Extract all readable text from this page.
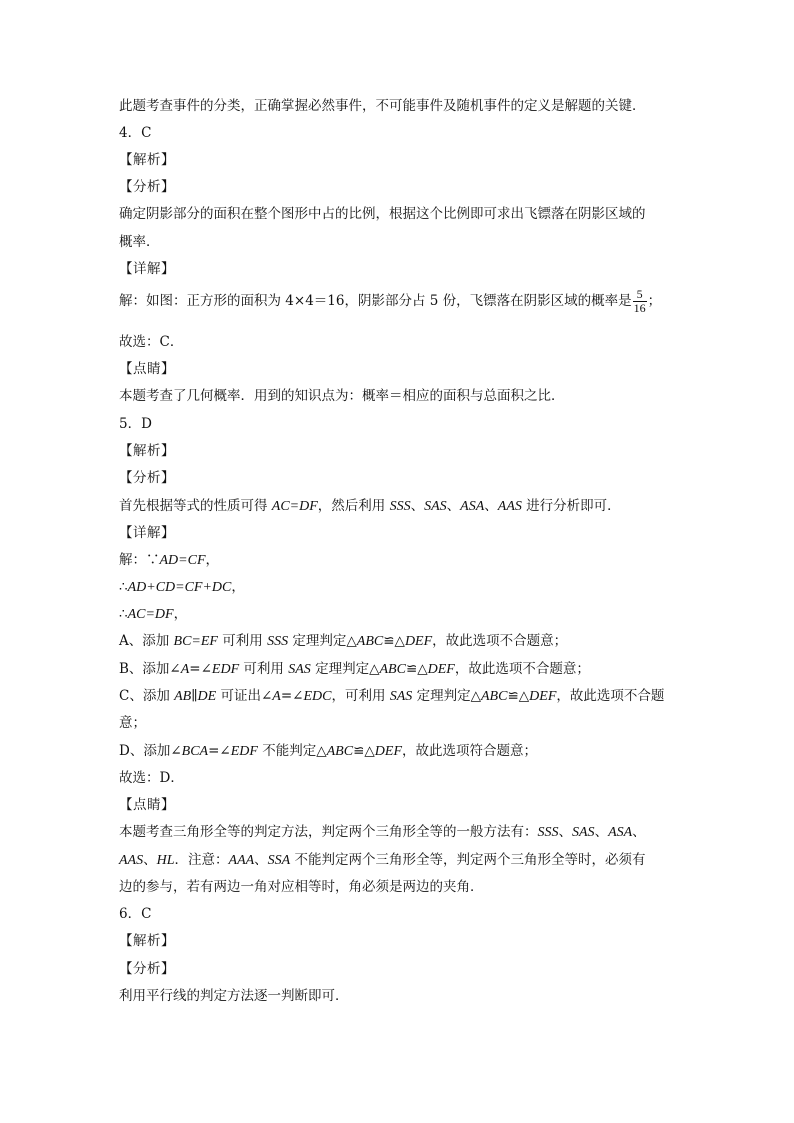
此题考查事件的分类，正确掌握必然事件，不可能事件及随机事件的定义是解题的关键．
4．C
【解析】
【分析】
确定阴影部分的面积在整个图形中占的比例，根据这个比例即可求出飞镖落在阴影区域的
概率．
【详解】
解：如图：正方形的面积为 4×4＝16，阴影部分占 5 份，飞镖落在阴影区域的概率是 $\frac{5}{16}$ ；
故选：C．
【点睛】
本题考查了几何概率．用到的知识点为：概率＝相应的面积与总面积之比．
5．D
【解析】
【分析】
首先根据等式的性质可得 AC=DF，然后利用 SSS、SAS、ASA、AAS 进行分析即可．
【详解】
解：∵AD=CF，
∴AD+CD=CF+DC，
∴AC=DF，
A、添加 BC=EF 可利用 SSS 定理判定△ABC≌△DEF，故此选项不合题意；
B、添加∠A=∠EDF 可利用 SAS 定理判定△ABC≌△DEF，故此选项不合题意；
C、添加 AB∥DE 可证出∠A=∠EDC，可利用 SAS 定理判定△ABC≌△DEF，故此选项不合题
意；
D、添加∠BCA=∠EDF 不能判定△ABC≌△DEF，故此选项符合题意；
故选：D．
【点睛】
本题考查三角形全等的判定方法，判定两个三角形全等的一般方法有：SSS、SAS、ASA、
AAS、HL．注意：AAA、SSA 不能判定两个三角形全等，判定两个三角形全等时，必须有
边的参与，若有两边一角对应相等时，角必须是两边的夹角．
6．C
【解析】
【分析】
利用平行线的判定方法逐一判断即可．
